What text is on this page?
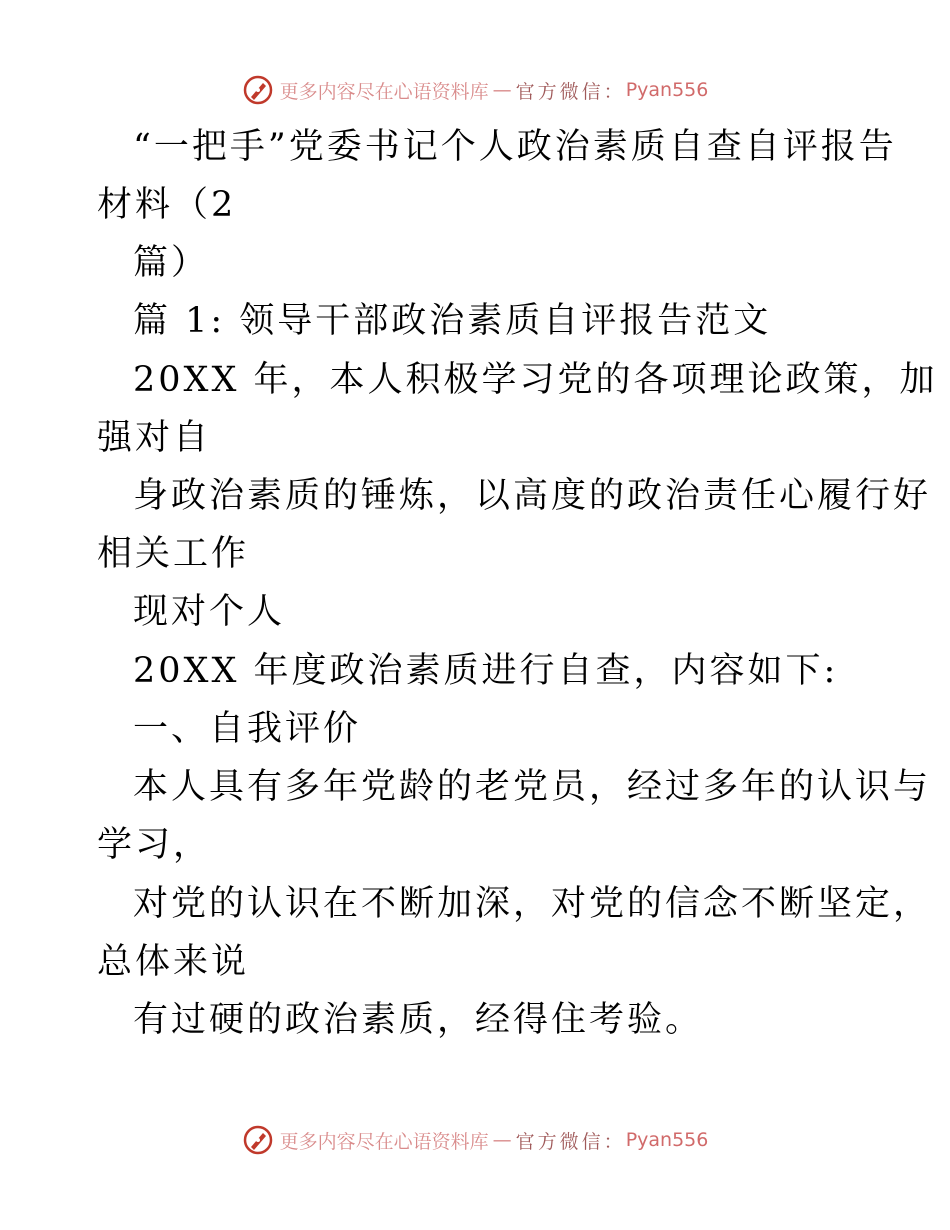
更多内容尽在心语资料库 — 官方微信： Pyan556
“一把手”党委书记个人政治素质自查自评报告
材料（2
篇）
篇 1: 领导干部政治素质自评报告范文
20XX 年，本人积极学习党的各项理论政策，加
强对自
身政治素质的锤炼，以高度的政治责任心履行好
相关工作
现对个人
20XX 年度政治素质进行自查，内容如下:
一、自我评价
本人具有多年党龄的老党员，经过多年的认识与
学习，
对党的认识在不断加深，对党的信念不断坚定，
总体来说
有过硬的政治素质，经得住考验。
更多内容尽在心语资料库 — 官方微信： Pyan556
